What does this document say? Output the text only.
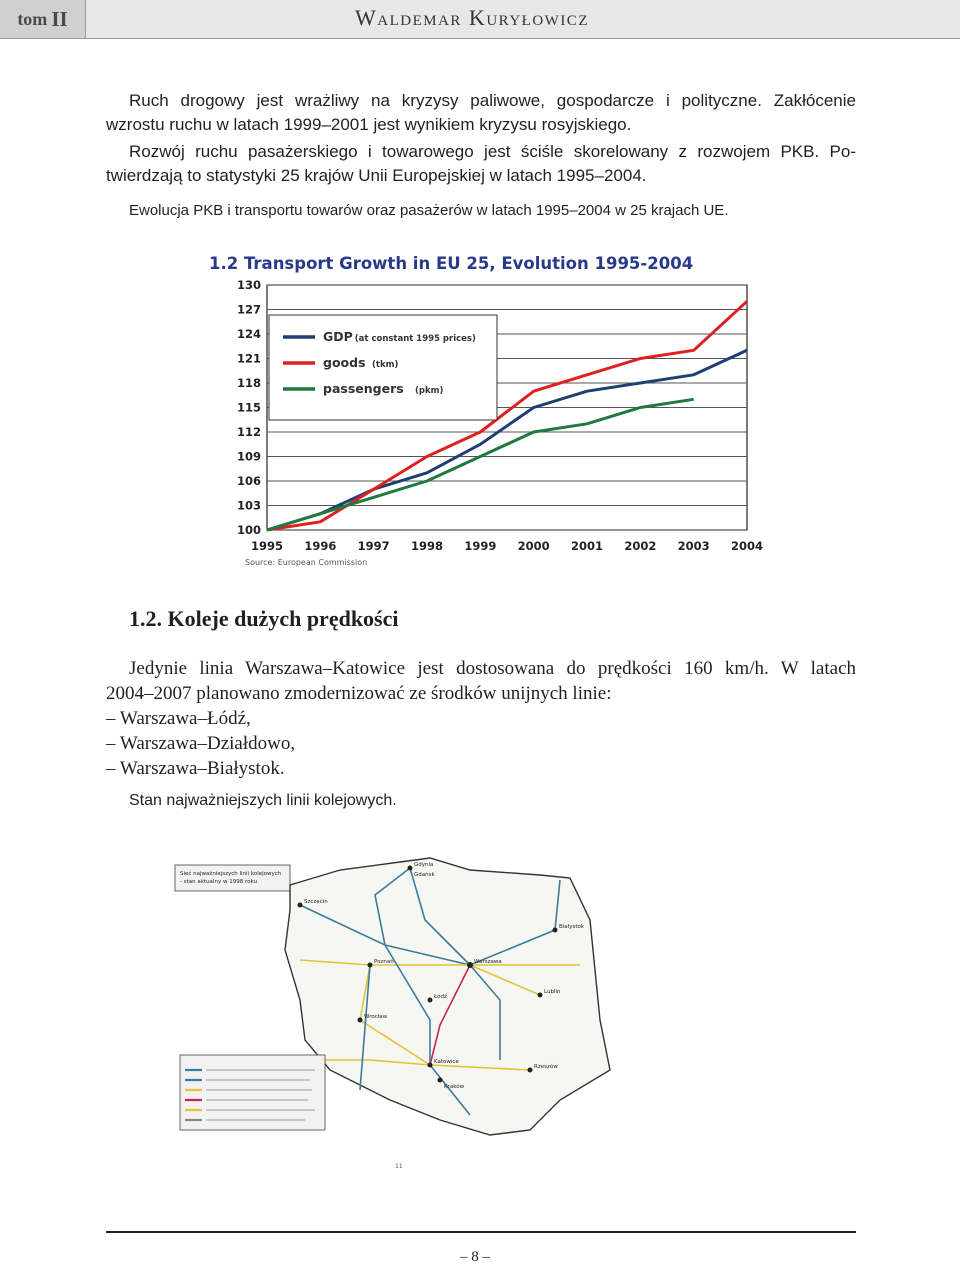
tom II	Waldemar Kuryłowicz

Ruch drogowy jest wrażliwy na kryzysy paliwowe, gospodarcze i polityczne. Zakłócenie

wzrostu ruchu w latach 1999–2001 jest wynikiem kryzysu rosyjskiego.

Rozwój ruchu pasażerskiego i towarowego jest ściśle skorelowany z rozwojem PKB. Po-

twierdzają to statystyki 25 krajów Unii Europejskiej w latach 1995–2004.

Ewolucja PKB i transportu towarów oraz pasażerów w latach 1995–2004 w 25 krajach UE.

1.2 Transport Growth in EU 25, Evolution 1995-2004
100
103
106
109
112
115
118
121
124
127
130
1995 1996 1997 1998 1999 2000 2001 2002 2003 2004
GDP (at constant 1995 prices)
goods (tkm)
passengers (pkm)
Source: European Commission
1.2. Koleje dużych prędkości
Jedynie linia Warszawa–Katowice jest dostosowana do prędkości 160 km/h. W latach
2004–2007 planowano zmodernizować ze środków unijnych linie:
– Warszawa–Łódź,
– Warszawa–Działdowo,
– Warszawa–Białystok.
Stan najważniejszych linii kolejowych.
Sieć najważniejszych linii kolejowych
- stan aktualny w 1998 roku
Gdynia
Gdańsk
Szczecin
Poznań	Warszawa
Białystok
Kraków
Katowice
Wrocław
Łódź
Lublin
Rzeszów
11
– 8 –
